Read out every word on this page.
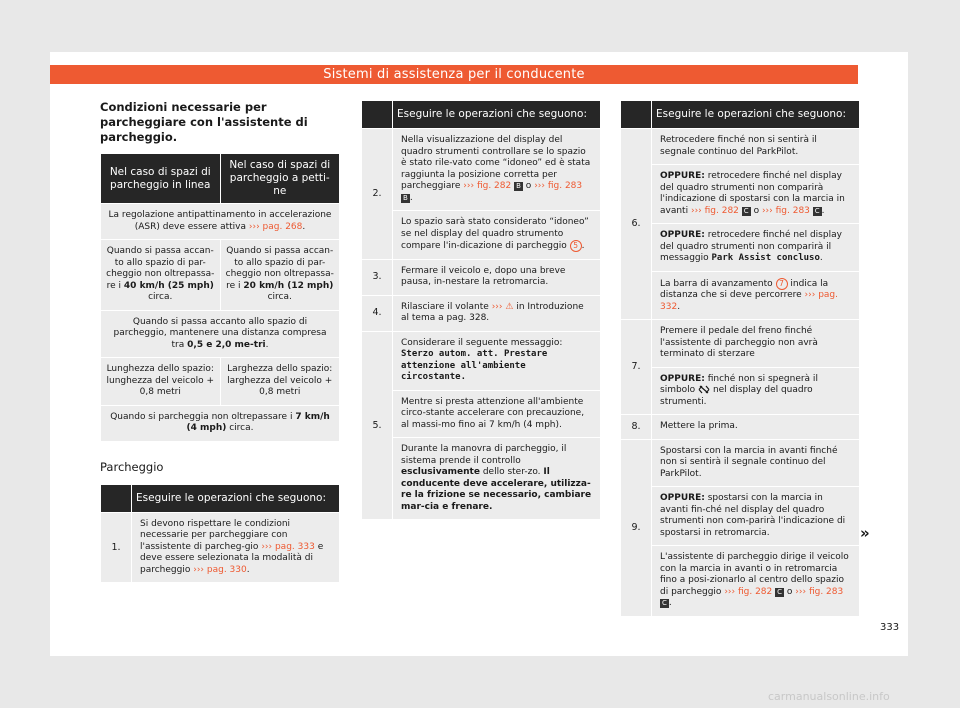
Sistemi di assistenza per il conducente
Condizioni necessarie per parcheggiare con l'assistente di parcheggio.
Nel caso di spazi di parcheggio in linea	Nel caso di spazi di parcheggio a petti-ne
La regolazione antipattinamento in accelerazione (ASR) deve essere attiva ››› pag. 268.	
Quando si passa accan-to allo spazio di par-cheggio non oltrepassa-re i 40 km/h (25 mph) circa.	Quando si passa accan-to allo spazio di par-cheggio non oltrepassa-re i 20 km/h (12 mph) circa.
Quando si passa accanto allo spazio di parcheggio, mantenere una distanza compresa tra 0,5 e 2,0 me-tri.	
Lunghezza dello spazio: lunghezza del veicolo + 0,8 metri	Larghezza dello spazio: larghezza del veicolo + 0,8 metri
Quando si parcheggia non oltrepassare i 7 km/h (4 mph) circa.	
Parcheggio
	Eseguire le operazioni che seguono:
1.	Si devono rispettare le condizioni necessarie per parcheggiare con l'assistente di parcheg-gio ››› pag. 333 e deve essere selezionata la modalità di parcheggio ››› pag. 330.
	Eseguire le operazioni che seguono:
2.	Nella visualizzazione del display del quadro strumenti controllare se lo spazio è stato rile-vato come “idoneo” ed è stata raggiunta la posizione corretta per parcheggiare ››› fig. 282 B o ››› fig. 283 B .
	Lo spazio sarà stato considerato “idoneo” se nel display del quadro strumento compare l'in-dicazione di parcheggio 5 .
3.	Fermare il veicolo e, dopo una breve pausa, in-nestare la retromarcia.
4.	Rilasciare il volante ››› ⚠ in Introduzione al tema a pag. 328.
5.	Considerare il seguente messaggio: Sterzo autom. att. Prestare attenzione all'ambiente circostante.
	Mentre si presta attenzione all'ambiente circo-stante accelerare con precauzione, al massi-mo fino ai 7 km/h (4 mph).
	Durante la manovra di parcheggio, il sistema prende il controllo esclusivamente dello ster-zo. Il conducente deve accelerare, utilizza-re la frizione se necessario, cambiare mar-cia e frenare.
	Eseguire le operazioni che seguono:
6.	Retrocedere finché non si sentirà il segnale continuo del ParkPilot.
	OPPURE: retrocedere finché nel display del quadro strumenti non comparirà l'indicazione di spostarsi con la marcia in avanti ››› fig. 282 C o ››› fig. 283 C .
	OPPURE: retrocedere finché nel display del quadro strumenti non comparirà il messaggio Park Assist concluso.
	La barra di avanzamento 7 indica la distanza che si deve percorrere ››› pag. 332.
7.	Premere il pedale del freno finché l'assistente di parcheggio non avrà terminato di sterzare
	OPPURE: finché non si spegnerà il simbolo nel display del quadro strumenti.
8.	Mettere la prima.
9.	Spostarsi con la marcia in avanti finché non si sentirà il segnale continuo del ParkPilot.
	OPPURE: spostarsi con la marcia in avanti fin-ché nel display del quadro strumenti non com-parirà l'indicazione di spostarsi in retromarcia.
	L'assistente di parcheggio dirige il veicolo con la marcia in avanti o in retromarcia fino a posi-zionarlo al centro dello spazio di parcheggio ››› fig. 282 C o ››› fig. 283 C .
»
333
carmanualsonline.info
